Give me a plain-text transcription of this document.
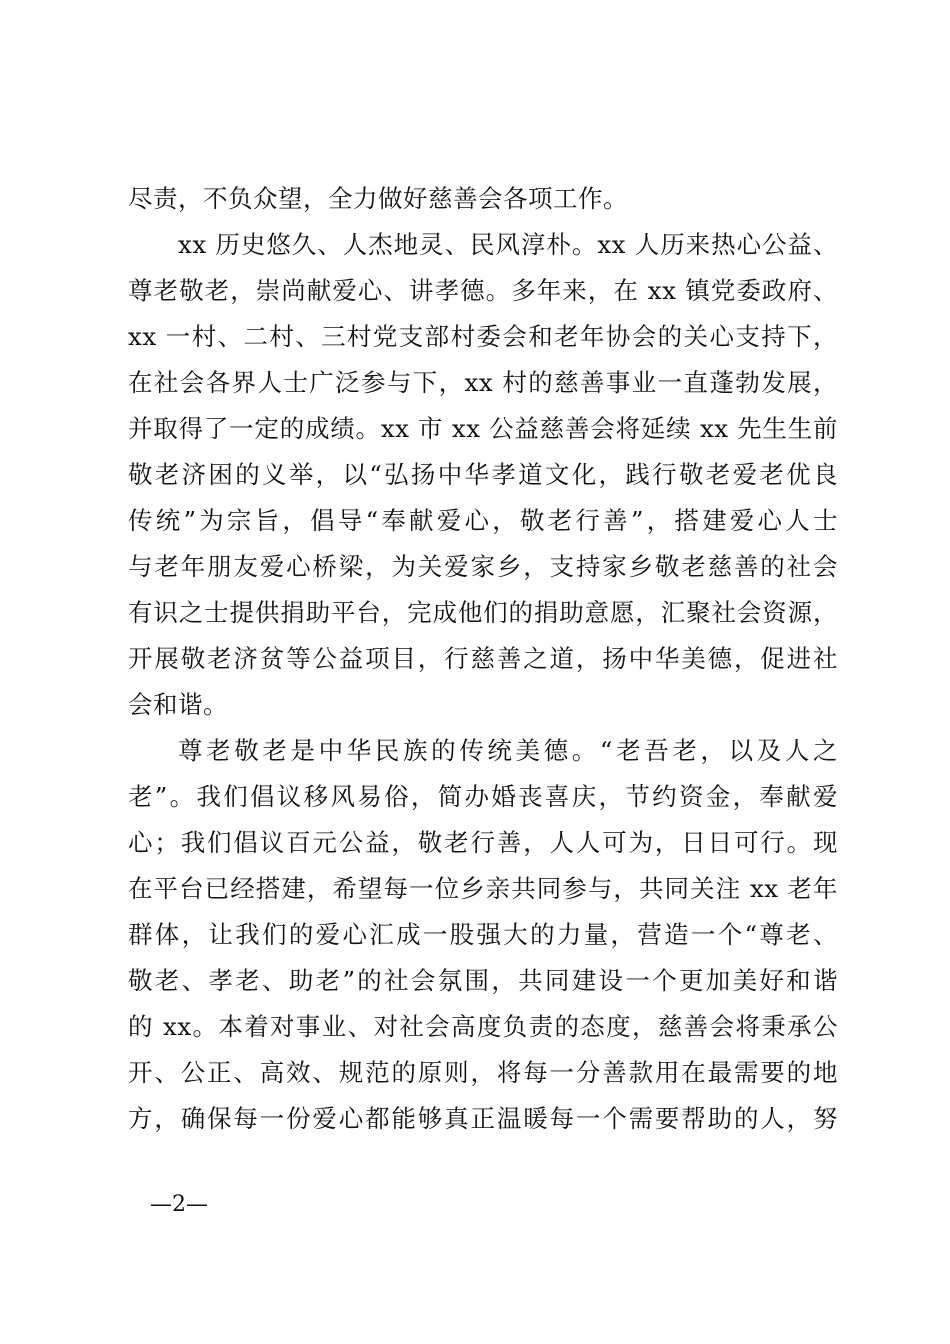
尽责，不负众望，全力做好慈善会各项工作。
xx 历史悠久、人杰地灵、民风淳朴。xx 人历来热心公益、
尊老敬老，崇尚献爱心、讲孝德。多年来，在 xx 镇党委政府、
xx 一村、二村、三村党支部村委会和老年协会的关心支持下，
在社会各界人士广泛参与下，xx 村的慈善事业一直蓬勃发展，
并取得了一定的成绩。xx 市 xx 公益慈善会将延续 xx 先生生前
敬老济困的义举，以“弘扬中华孝道文化，践行敬老爱老优良
传统”为宗旨，倡导“奉献爱心，敬老行善”，搭建爱心人士
与老年朋友爱心桥梁，为关爱家乡，支持家乡敬老慈善的社会
有识之士提供捐助平台，完成他们的捐助意愿，汇聚社会资源，
开展敬老济贫等公益项目，行慈善之道，扬中华美德，促进社
会和谐。
尊老敬老是中华民族的传统美德。“老吾老，以及人之
老”。我们倡议移风易俗，简办婚丧喜庆，节约资金，奉献爱
心；我们倡议百元公益，敬老行善，人人可为，日日可行。现
在平台已经搭建，希望每一位乡亲共同参与，共同关注 xx 老年
群体，让我们的爱心汇成一股强大的力量，营造一个“尊老、
敬老、孝老、助老”的社会氛围，共同建设一个更加美好和谐
的 xx。本着对事业、对社会高度负责的态度，慈善会将秉承公
开、公正、高效、规范的原则，将每一分善款用在最需要的地
方，确保每一份爱心都能够真正温暖每一个需要帮助的人，努
—2—
